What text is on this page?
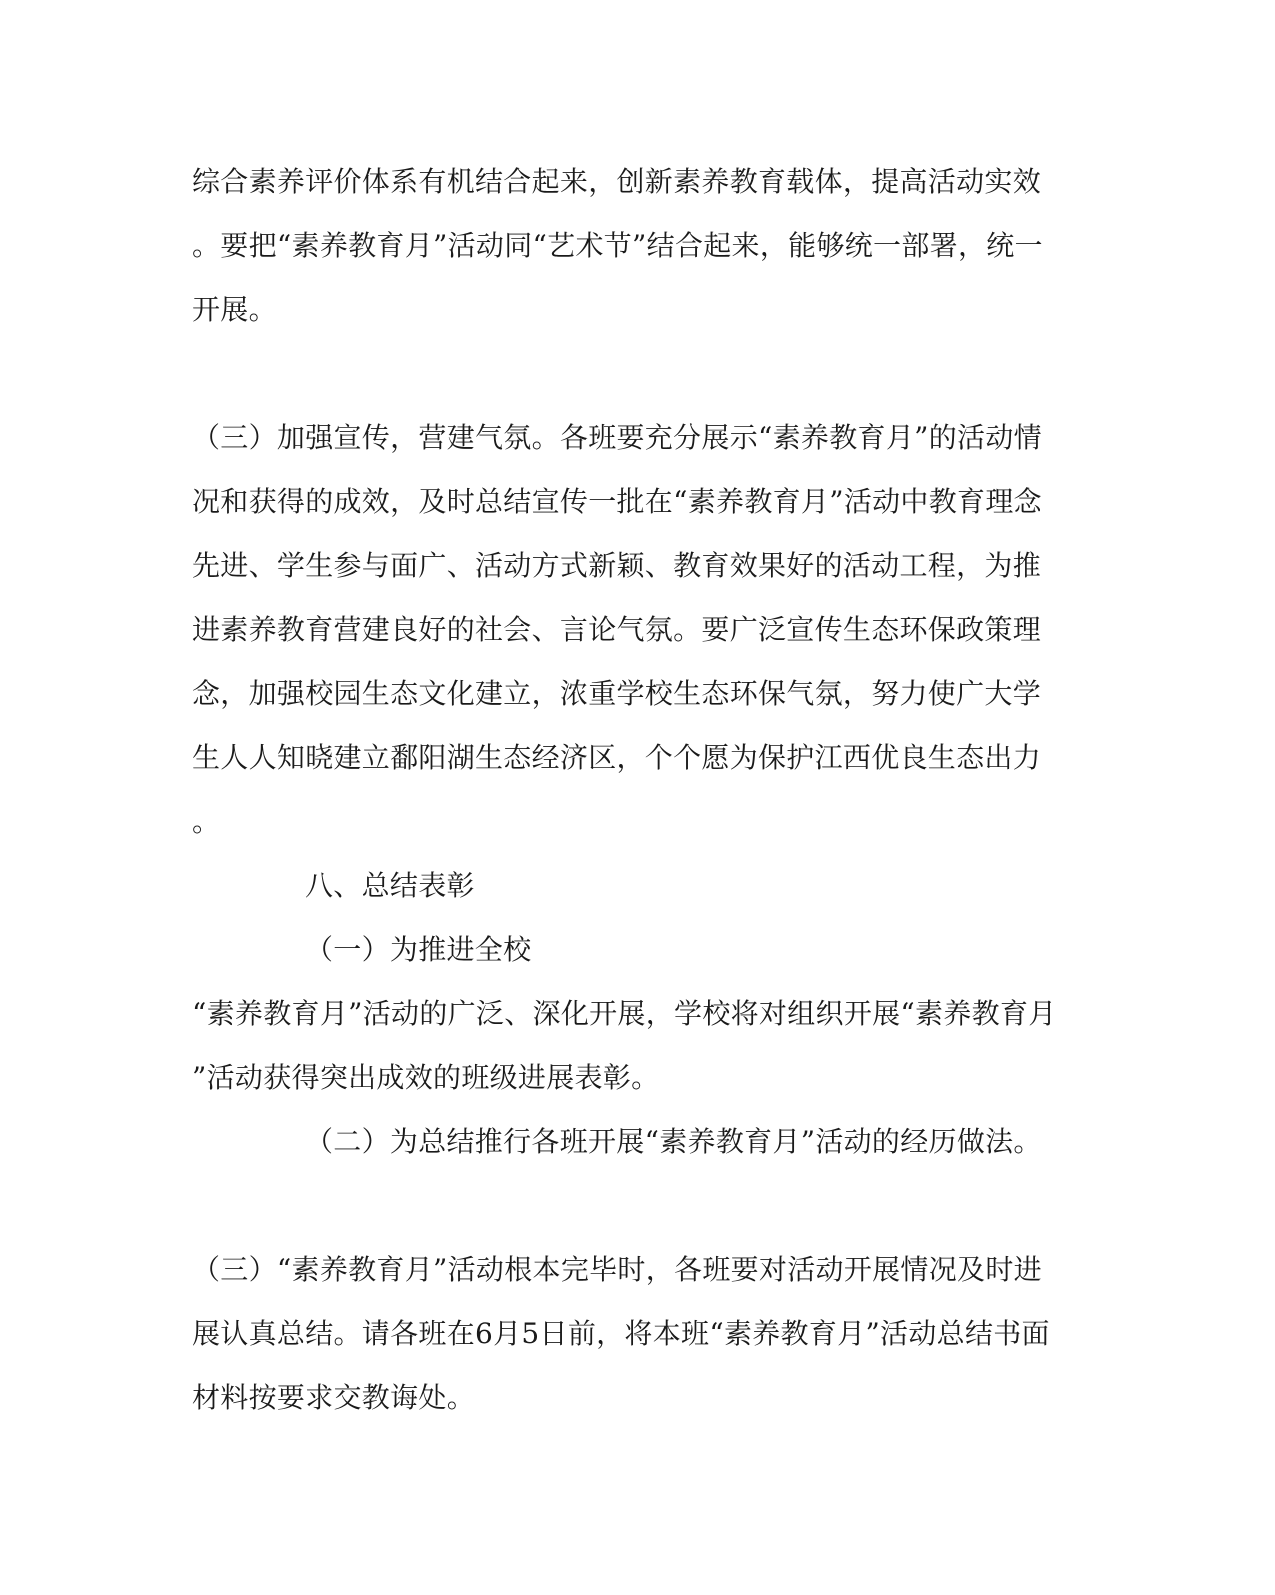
综合素养评价体系有机结合起来，创新素养教育载体，提高活动实效
。要把“素养教育月”活动同“艺术节”结合起来，能够统一部署，统一
开展。
（三）加强宣传，营建气氛。各班要充分展示“素养教育月”的活动情
况和获得的成效，及时总结宣传一批在“素养教育月”活动中教育理念
先进、学生参与面广、活动方式新颖、教育效果好的活动工程，为推
进素养教育营建良好的社会、言论气氛。要广泛宣传生态环保政策理
念，加强校园生态文化建立，浓重学校生态环保气氛，努力使广大学
生人人知晓建立鄱阳湖生态经济区，个个愿为保护江西优良生态出力
。
八、总结表彰
（一）为推进全校
“素养教育月”活动的广泛、深化开展，学校将对组织开展“素养教育月
”活动获得突出成效的班级进展表彰。
（二）为总结推行各班开展“素养教育月”活动的经历做法。
（三）“素养教育月”活动根本完毕时，各班要对活动开展情况及时进
展认真总结。请各班在6月5日前，将本班“素养教育月”活动总结书面
材料按要求交教诲处。
